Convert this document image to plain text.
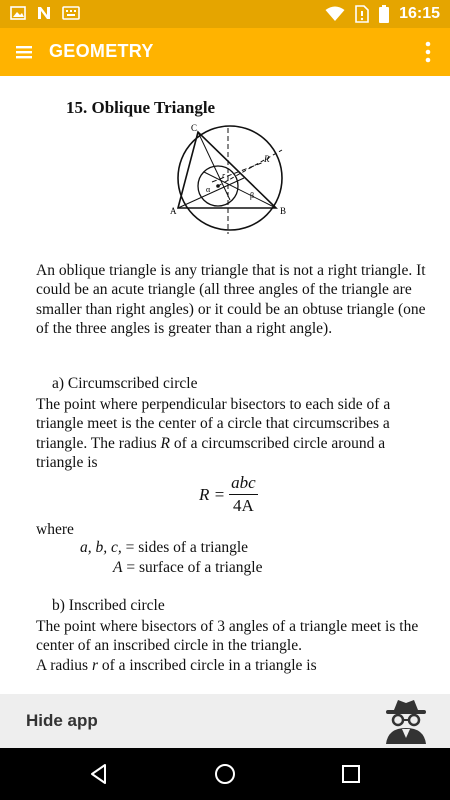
16:15
GEOMETRY
15. Oblique Triangle
C
A	B
R
r
β
α
An oblique triangle is any triangle that is not a right triangle. It could be an acute triangle (all three angles of the triangle are smaller than right angles) or it could be an obtuse triangle (one of the three angles is greater than a right angle).
a) Circumscribed circle
The point where perpendicular bisectors to each side of a triangle meet is the center of a circle that circumscribes a triangle. The radius R of a circumscribed circle around a triangle is
$R = \frac{\text{abc}}{4A}$
where
a, b, c, = sides of a triangle
A = surface of a triangle
b) Inscribed circle
The point where bisectors of 3 angles of a triangle meet is the center of an inscribed circle in the triangle.
A radius r of a inscribed circle in a triangle is
Hide app
